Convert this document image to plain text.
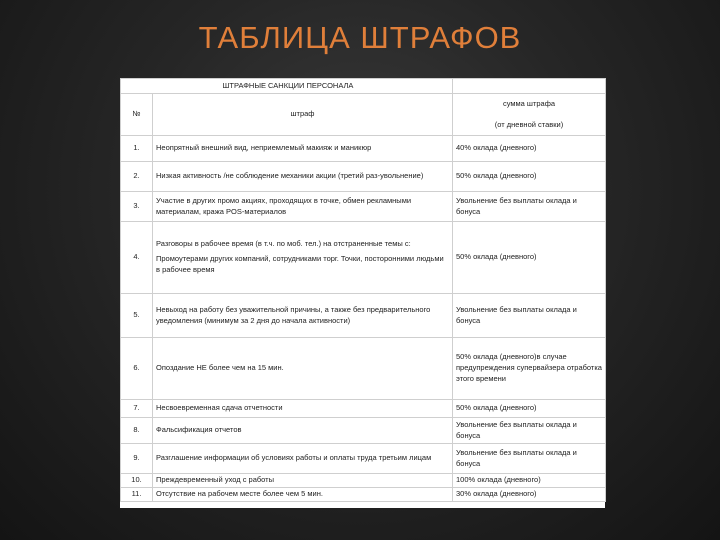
ТАБЛИЦА ШТРАФОВ
	ШТРАФНЫЕ САНКЦИИ ПЕРСОНАЛА	
№	штраф	сумма штрафа
(от дневной ставки)

1.	Неопрятный внешний вид, неприемлемый макияж и маникюр	40% оклада (дневного)
2.	Низкая активность /не соблюдение механики акции (третий раз-увольнение)	50% оклада (дневного)
3.	Участие в других промо акциях, проходящих в точке, обмен рекламными материалам, кража POS-материалов	Увольнение без выплаты оклада и бонуса
4.	Разговоры в рабочее время (в т.ч. по моб. тел.) на отстраненные темы с:
Промоутерами других компаний, сотрудниками торг. Точки, посторонними людьми в рабочее время	50% оклада (дневного)
5.	Невыход на работу без уважительной причины, а также без предварительного уведомления (минимум за 2 дня до начала активности)	Увольнение без выплаты оклада и бонуса
6.	Опоздание НЕ более чем на 15 мин.	50% оклада (дневного)в случае предупреждения супервайзера отработка этого времени
7.	Несвоевременная сдача отчетности	50% оклада (дневного)
8.	Фальсификация отчетов	Увольнение без выплаты оклада и бонуса
9.	Разглашение информации об условиях работы и оплаты труда третьим лицам	Увольнение без выплаты оклада и бонуса
10.	Преждевременный уход с работы	100% оклада (дневного)
11.	Отсутствие на рабочем месте более чем 5 мин.	30% оклада (дневного)
